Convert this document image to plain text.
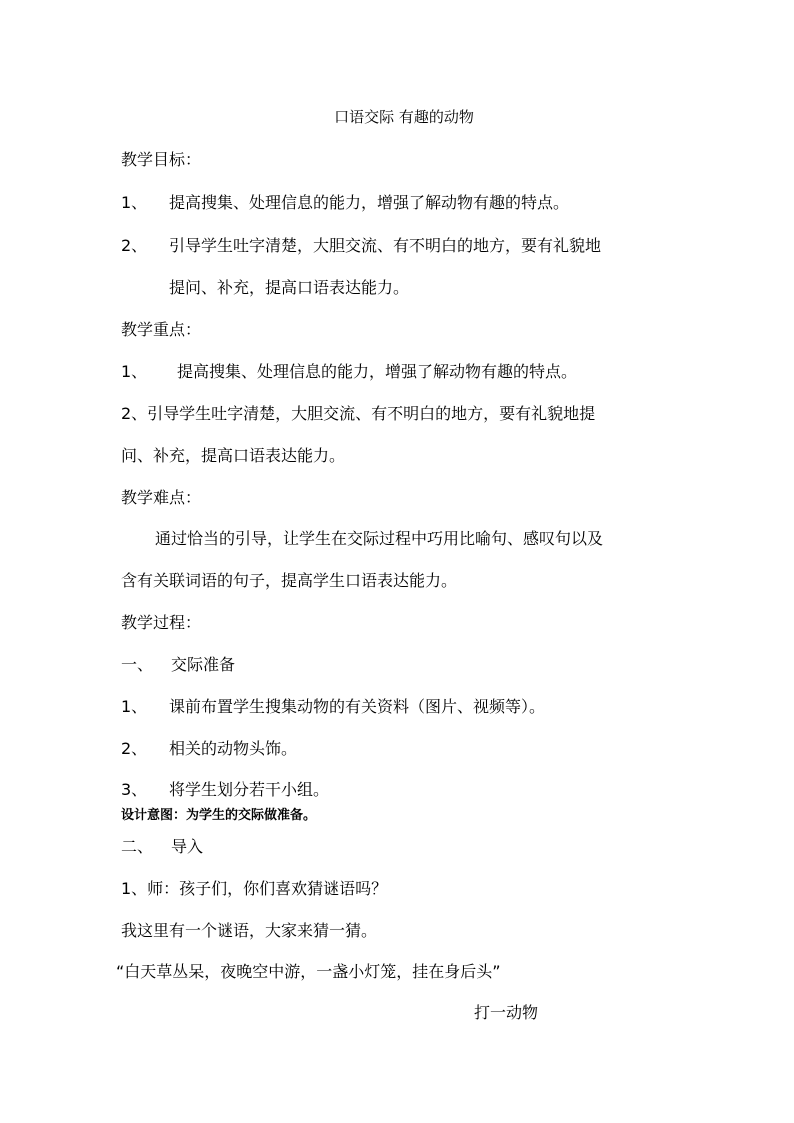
口语交际 有趣的动物
教学目标：
1、 提高搜集、处理信息的能力，增强了解动物有趣的特点。
2、 引导学生吐字清楚，大胆交流、有不明白的地方，要有礼貌地
提问、补充，提高口语表达能力。
教学重点：
1、 提高搜集、处理信息的能力，增强了解动物有趣的特点。
2、引导学生吐字清楚，大胆交流、有不明白的地方，要有礼貌地提
问、补充，提高口语表达能力。
教学难点：
通过恰当的引导，让学生在交际过程中巧用比喻句、感叹句以及
含有关联词语的句子，提高学生口语表达能力。
教学过程：
一、 交际准备
1、 课前布置学生搜集动物的有关资料（图片、视频等）。
2、 相关的动物头饰。
3、 将学生划分若干小组。
设计意图：为学生的交际做准备。
二、 导入
1、师：孩子们，你们喜欢猜谜语吗？
我这里有一个谜语，大家来猜一猜。
“白天草丛呆，夜晚空中游，一盏小灯笼，挂在身后头”
打一动物
